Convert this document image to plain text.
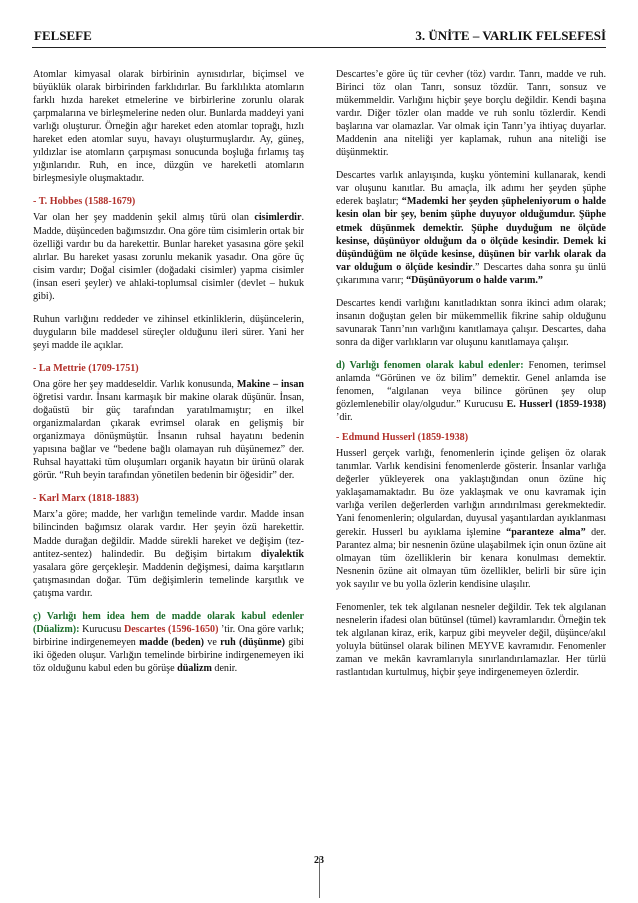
FELSEFE	3. ÜNİTE – VARLIK FELSEFESİ

Atomlar kimyasal olarak birbirinin aynısıdırlar, biçimsel ve büyüklük olarak birbirinden farklıdırlar. Bu farklılıkta atomların farklı hızda hareket etmelerine ve birbirlerine zorunlu olarak çarpmalarına ve birleşmelerine neden olur. Bunlarda maddeyi yani varlığı oluşturur. Örneğin ağır hareket eden atomlar toprağı, hızlı hareket eden atomlar suyu, havayı oluşturmuşlardır. Ay, güneş, yıldızlar ise atomların çarpışması sonucunda boşluğa fırlamış taş yığınlarıdır. Ruh, en ince, düzgün ve hareketli atomların birleşmesiyle oluşmaktadır.

- T. Hobbes (1588-1679)

Var olan her şey maddenin şekil almış türü olan cisimlerdir. Madde, düşünceden bağımsızdır. Ona göre tüm cisimlerin ortak bir özelliği vardır bu da harekettir. Bunlar hareket yasasına göre şekil alırlar. Bu hareket yasası zorunlu mekanik yasadır. Ona göre üç cisim vardır; Doğal cisimler (doğadaki cisimler) yapma cisimler (insan eseri şeyler) ve ahlaki-toplumsal cisimler (devlet – hukuk gibi).

Ruhun varlığını reddeder ve zihinsel etkinliklerin, düşüncelerin, duyguların bile maddesel süreçler olduğunu ileri sürer. Yani her şeyi madde ile açıklar.

- La Mettrie (1709-1751)

Ona göre her şey maddeseldir. Varlık konusunda, Makine – insan öğretisi vardır. İnsanı karmaşık bir makine olarak düşünür. İnsan, doğaüstü bir güç tarafından yaratılmamıştır; en ilkel organizmalardan çıkarak evrimsel olarak en gelişmiş bir organizmaya dönüşmüştür. İnsanın ruhsal hayatını bedenin yapısına bağlar ve “bedene bağlı olamayan ruh düşünemez” der. Ruhsal hayattaki tüm oluşumları organik hayatın bir ürünü olarak görür. “Ruh beyin tarafından yönetilen bedenin bir öğesidir” der.

- Karl Marx (1818-1883)

Marx’a göre; madde, her varlığın temelinde vardır. Madde insan bilincinden bağımsız olarak vardır. Her şeyin özü harekettir. Madde durağan değildir. Madde sürekli hareket ve değişim (tez-antitez-sentez) halindedir. Bu değişim birtakım diyalektik yasalara göre gerçekleşir. Maddenin değişmesi, daima karşıtların çatışmasından doğar. Tüm değişimlerin temelinde karşıtlık ve çatışma vardır.

ç) Varlığı hem idea hem de madde olarak kabul edenler (Düalizm): Kurucusu Descartes (1596-1650) ’tir. Ona göre varlık; birbirine indirgenemeyen madde (beden) ve ruh (düşünme) gibi iki öğeden oluşur. Varlığın temelinde birbirine indirgenemeyen iki töz olduğunu kabul eden bu görüşe düalizm denir.

Descartes’e göre üç tür cevher (töz) vardır. Tanrı, madde ve ruh. Birinci töz olan Tanrı, sonsuz tözdür. Tanrı, sonsuz ve mükemmeldir. Varlığını hiçbir şeye borçlu değildir. Kendi başına vardır. Diğer tözler olan madde ve ruh sonlu tözlerdir. Kendi başlarına var olamazlar. Var olmak için Tanrı’ya ihtiyaç duyarlar. Maddenin ana niteliği yer kaplamak, ruhun ana niteliği ise düşünmektir.

Descartes varlık anlayışında, kuşku yöntemini kullanarak, kendi var oluşunu kanıtlar. Bu amaçla, ilk adımı her şeyden şüphe ederek başlatır; “Mademki her şeyden şüpheleniyorum o halde kesin olan bir şey, benim şüphe duyuyor olduğumdur. Şüphe etmek düşünmek demektir. Şüphe duyduğum ne ölçüde kesinse, düşünüyor olduğum da o ölçüde kesindir. Demek ki düşündüğüm ne ölçüde kesinse, düşünen bir varlık olarak da var olduğum o ölçüde kesindir.” Descartes daha sonra şu ünlü çıkarımına varır; “Düşünüyorum o halde varım.”

Descartes kendi varlığını kanıtladıktan sonra ikinci adım olarak; insanın doğuştan gelen bir mükemmellik fikrine sahip olduğunu savunarak Tanrı’nın varlığını kanıtlamaya çalışır. Descartes, daha sonra da diğer varlıkların var oluşunu kanıtlamaya çalışır.

d) Varlığı fenomen olarak kabul edenler: Fenomen, terimsel anlamda “Görünen ve öz bilim” demektir. Genel anlamda ise fenomen, “algılanan veya bilince görünen şey olup gözlemlenebilir olay/olgudur.” Kurucusu E. Husserl (1859-1938) ’dir.

- Edmund Husserl (1859-1938)

Husserl gerçek varlığı, fenomenlerin içinde gelişen öz olarak tanımlar. Varlık kendisini fenomenlerde gösterir. İnsanlar varlığa değerler yükleyerek ona yaklaştığından onun özüne hiç yaklaşamamaktadır. Bu öze yaklaşmak ve onu kavramak için varlığa verilen değerlerden varlığın arındırılması gerekmektedir. Yani fenomenlerin; olgulardan, duyusal yaşantılardan ayıklanması gerekir. Husserl bu ayıklama işlemine “paranteze alma” der. Parantez alma; bir nesnenin özüne ulaşabilmek için onun özüne ait olmayan tüm özelliklerin bir kenara konulması demektir. Nesnenin özüne ait olmayan tüm özellikler, belirli bir süre için yok sayılır ve bu yolla özlerin kendisine ulaşılır.

Fenomenler, tek tek algılanan nesneler değildir. Tek tek algılanan nesnelerin ifadesi olan bütünsel (tümel) kavramlarıdır. Örneğin tek tek algılanan kiraz, erik, karpuz gibi meyveler değil, düşünce/akıl yoluyla bütünsel olarak bilinen MEYVE kavramıdır. Fenomenler zaman ve mekân kavramlarıyla sınırlandırılamazlar. Her türlü rastlantıdan kurtulmuş, hiçbir şeye indirgenemeyen özlerdir.

23
